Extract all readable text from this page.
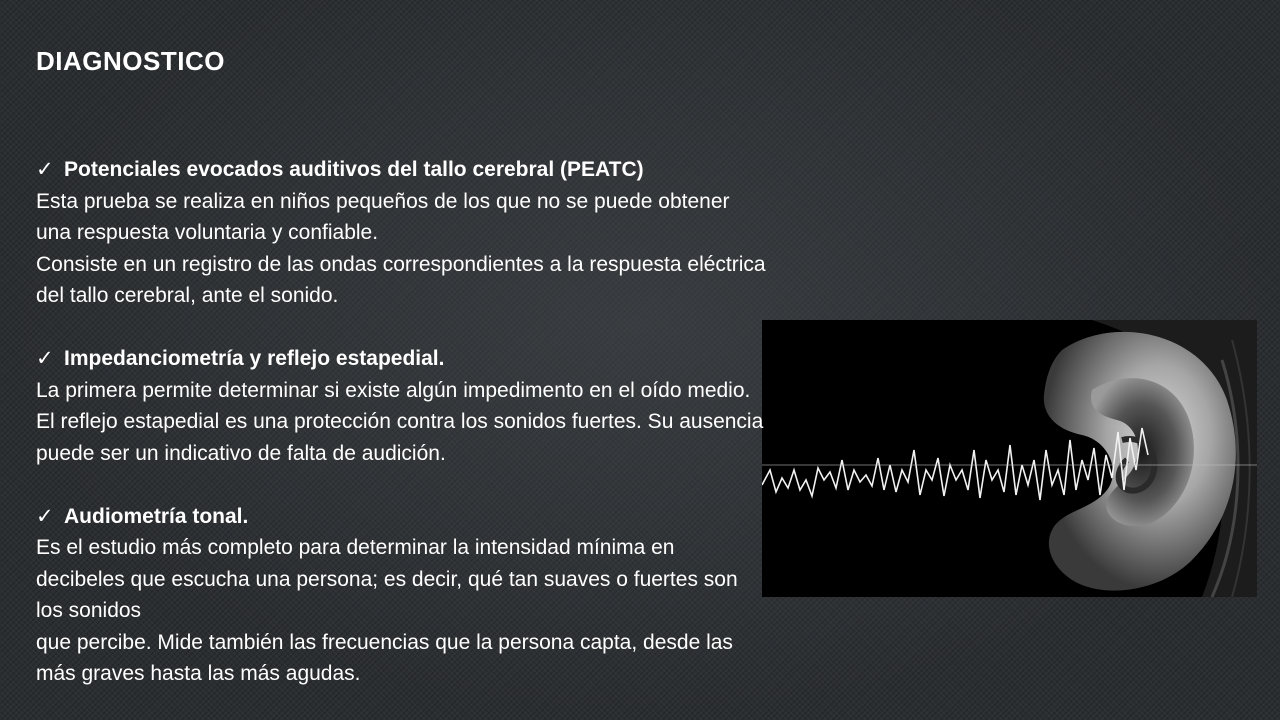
DIAGNOSTICO
✓ Potenciales evocados auditivos del tallo cerebral (PEATC)
Esta prueba se realiza en niños pequeños de los que no se puede obtener
una respuesta voluntaria y confiable.
Consiste en un registro de las ondas correspondientes a la respuesta eléctrica
del tallo cerebral, ante el sonido.
✓ Impedanciometría y reflejo estapedial.
La primera permite determinar si existe algún impedimento en el oído medio.
El reflejo estapedial es una protección contra los sonidos fuertes. Su ausencia
puede ser un indicativo de falta de audición.
✓ Audiometría tonal.
Es el estudio más completo para determinar la intensidad mínima en
decibeles que escucha una persona; es decir, qué tan suaves o fuertes son
los sonidos
que percibe. Mide también las frecuencias que la persona capta, desde las
más graves hasta las más agudas.
